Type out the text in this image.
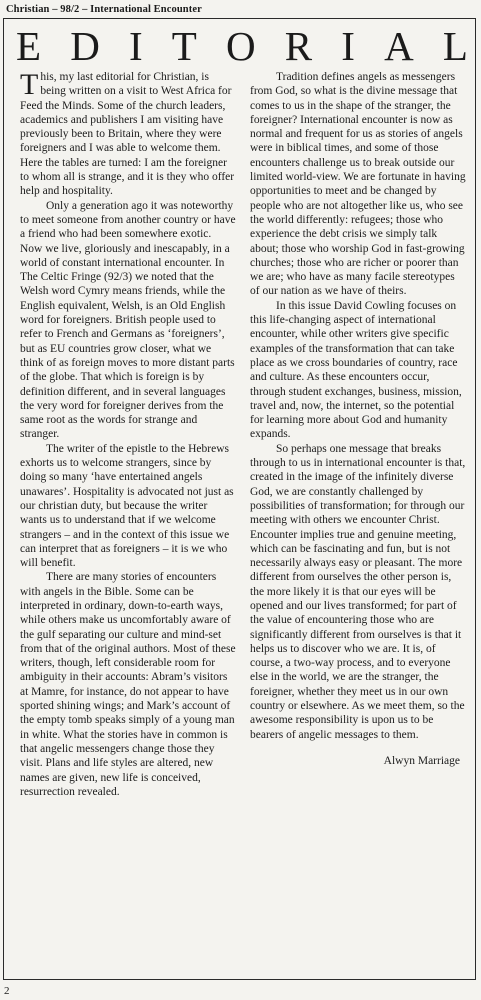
Christian – 98/2 – International Encounter
E D I T O R I A L

This, my last editorial for Christian, is being written on a visit to West Africa for Feed the Minds. Some of the church leaders, academics and publishers I am visiting have previously been to Britain, where they were foreigners and I was able to welcome them. Here the tables are turned: I am the foreigner to whom all is strange, and it is they who offer help and hospitality.

Only a generation ago it was noteworthy to meet someone from another country or have a friend who had been somewhere exotic. Now we live, gloriously and inescapably, in a world of constant international encounter. In The Celtic Fringe (92/3) we noted that the Welsh word Cymry means friends, while the English equivalent, Welsh, is an Old English word for foreigners. British people used to refer to French and Germans as ‘foreigners’, but as EU countries grow closer, what we think of as foreign moves to more distant parts of the globe. That which is foreign is by definition different, and in several languages the very word for foreigner derives from the same root as the words for strange and stranger.

The writer of the epistle to the Hebrews exhorts us to welcome strangers, since by doing so many ‘have entertained angels unawares’. Hospitality is advocated not just as our christian duty, but because the writer wants us to understand that if we welcome strangers – and in the context of this issue we can interpret that as foreigners – it is we who will benefit.

There are many stories of encounters with angels in the Bible. Some can be interpreted in ordinary, down-to-earth ways, while others make us uncomfortably aware of the gulf separating our culture and mind-set from that of the original authors. Most of these writers, though, left considerable room for ambiguity in their accounts: Abram’s visitors at Mamre, for instance, do not appear to have sported shining wings; and Mark’s account of the empty tomb speaks simply of a young man in white. What the stories have in common is that angelic messengers change those they visit. Plans and life styles are altered, new names are given, new life is conceived, resurrection revealed.

Tradition defines angels as messengers from God, so what is the divine message that comes to us in the shape of the stranger, the foreigner? International encounter is now as normal and frequent for us as stories of angels were in biblical times, and some of those encounters challenge us to break outside our limited world-view. We are fortunate in having opportunities to meet and be changed by people who are not altogether like us, who see the world differently: refugees; those who experience the debt crisis we simply talk about; those who worship God in fast-growing churches; those who are richer or poorer than we are; who have as many facile stereotypes of our nation as we have of theirs.

In this issue David Cowling focuses on this life-changing aspect of international encounter, while other writers give specific examples of the transformation that can take place as we cross boundaries of country, race and culture. As these encounters occur, through student exchanges, business, mission, travel and, now, the internet, so the potential for learning more about God and humanity expands.

So perhaps one message that breaks through to us in international encounter is that, created in the image of the infinitely diverse God, we are constantly challenged by possibilities of transformation; for through our meeting with others we encounter Christ. Encounter implies true and genuine meeting, which can be fascinating and fun, but is not necessarily always easy or pleasant. The more different from ourselves the other person is, the more likely it is that our eyes will be opened and our lives transformed; for part of the value of encountering those who are significantly different from ourselves is that it helps us to discover who we are. It is, of course, a two-way process, and to everyone else in the world, we are the stranger, the foreigner, whether they meet us in our own country or elsewhere. As we meet them, so the awesome responsibility is upon us to be bearers of angelic messages to them.

Alwyn Marriage

2
